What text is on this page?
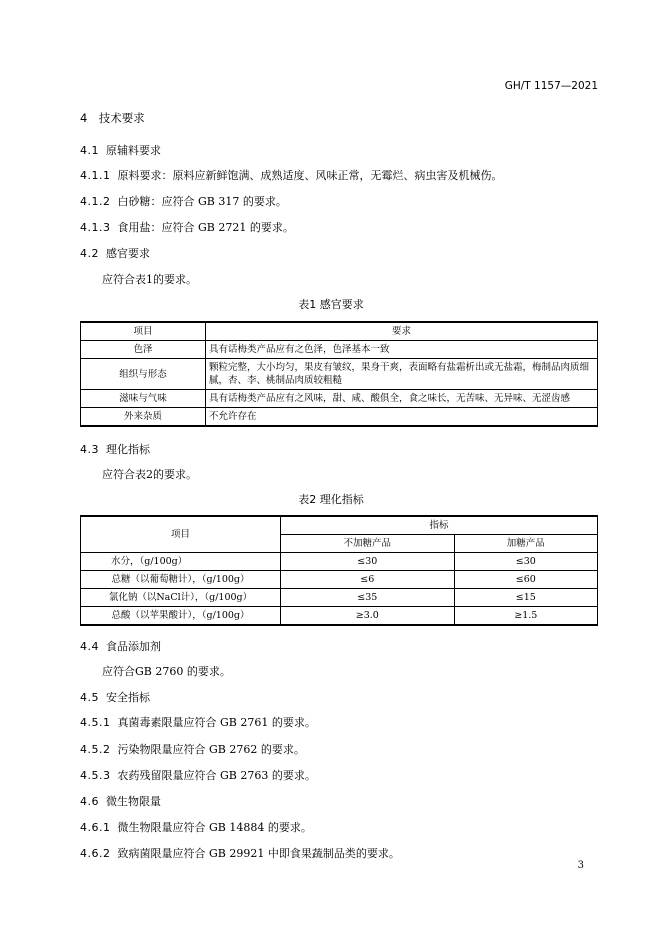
GH/T 1157—2021
4 技术要求
4.1 原辅料要求
4.1.1 原料要求：原料应新鲜饱满、成熟适度、风味正常，无霉烂、病虫害及机械伤。
4.1.2 白砂糖：应符合 GB 317 的要求。
4.1.3 食用盐：应符合 GB 2721 的要求。
4.2 感官要求
应符合表1的要求。
表1 感官要求
项目	要求
色泽	具有话梅类产品应有之色泽，色泽基本一致
组织与形态	颗粒完整，大小均匀，果皮有皱纹，果身干爽，表面略有盐霜析出或无盐霜，梅制品肉质细腻，杏、李、桃制品肉质较粗糙
滋味与气味	具有话梅类产品应有之风味，甜、咸、酸俱全，食之味长，无苦味、无异味、无涩齿感
外来杂质	不允许存在
4.3 理化指标
应符合表2的要求。
表2 理化指标
项目	指标	
	不加糖产品	加糖产品
水分，（g/100g）	≤30	≤30
总糖（以葡萄糖计），（g/100g）	≤6	≤60
氯化钠（以NaCl计），（g/100g）	≤35	≤15
总酸（以苹果酸计），（g/100g）	≥3.0	≥1.5
4.4 食品添加剂
应符合GB 2760 的要求。
4.5 安全指标
4.5.1 真菌毒素限量应符合 GB 2761 的要求。
4.5.2 污染物限量应符合 GB 2762 的要求。
4.5.3 农药残留限量应符合 GB 2763 的要求。
4.6 微生物限量
4.6.1 微生物限量应符合 GB 14884 的要求。
4.6.2 致病菌限量应符合 GB 29921 中即食果蔬制品类的要求。
3
